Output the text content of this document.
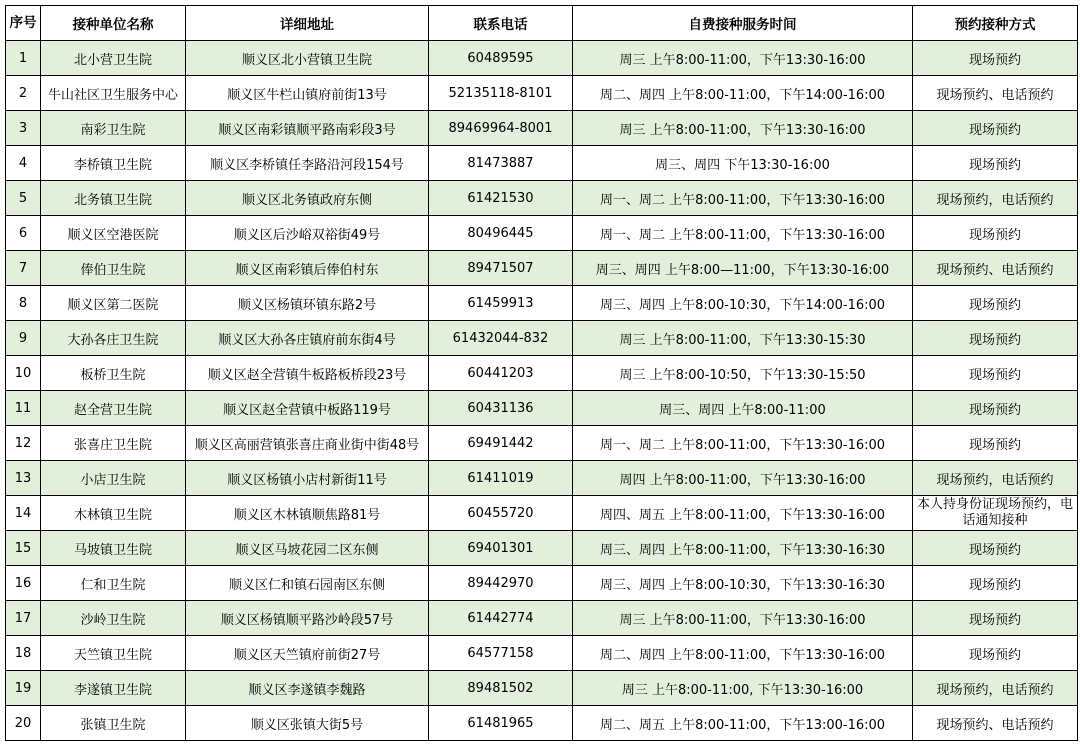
序号	接种单位名称	详细地址	联系电话	自费接种服务时间	预约接种方式
1	北小营卫生院	顺义区北小营镇卫生院	60489595	周三 上午8:00-11:00，下午13:30-16:00	现场预约
2	牛山社区卫生服务中心	顺义区牛栏山镇府前街13号	52135118-8101	周二、周四 上午8:00-11:00，下午14:00-16:00	现场预约、电话预约
3	南彩卫生院	顺义区南彩镇顺平路南彩段3号	89469964-8001	周三 上午8:00-11:00，下午13:30-16:00	现场预约
4	李桥镇卫生院	顺义区李桥镇任李路沿河段154号	81473887	周三、周四 下午13:30-16:00	现场预约
5	北务镇卫生院	顺义区北务镇政府东侧	61421530	周一、周二 上午8:00-11:00，下午13:30-16:00	现场预约，电话预约
6	顺义区空港医院	顺义区后沙峪双裕街49号	80496445	周一、周二 上午8:00-11:00，下午13:30-16:00	现场预约
7	俸伯卫生院	顺义区南彩镇后俸伯村东	89471507	周三、周四 上午8:00—11:00，下午13:30-16:00	现场预约、电话预约
8	顺义区第二医院	顺义区杨镇环镇东路2号	61459913	周三、周四 上午8:00-10:30，下午14:00-16:00	现场预约
9	大孙各庄卫生院	顺义区大孙各庄镇府前东街4号	61432044-832	周三 上午8:00-11:00，下午13:30-15:30	现场预约
10	板桥卫生院	顺义区赵全营镇牛板路板桥段23号	60441203	周三 上午8:00-10:50，下午13:30-15:50	现场预约
11	赵全营卫生院	顺义区赵全营镇中板路119号	60431136	周三、周四 上午8:00-11:00	现场预约
12	张喜庄卫生院	顺义区高丽营镇张喜庄商业街中街48号	69491442	周一、周二 上午8:00-11:00，下午13:30-16:00	现场预约
13	小店卫生院	顺义区杨镇小店村新街11号	61411019	周四 上午8:00-11:00，下午13:30-16:00	现场预约，电话预约
14	木林镇卫生院	顺义区木林镇顺焦路81号	60455720	周四、周五 上午8:00-11:00，下午13:30-16:00	本人持身份证现场预约，电话通知接种
15	马坡镇卫生院	顺义区马坡花园二区东侧	69401301	周三、周四 上午8:00-11:00，下午13:30-16:30	现场预约
16	仁和卫生院	顺义区仁和镇石园南区东侧	89442970	周三、周四 上午8:00-10:30，下午13:30-16:30	现场预约
17	沙岭卫生院	顺义区杨镇顺平路沙岭段57号	61442774	周三 上午8:00-11:00，下午13:30-16:00	现场预约
18	天竺镇卫生院	顺义区天竺镇府前街27号	64577158	周二、周四 上午8:00-11:00，下午13:30-16:00	现场预约
19	李遂镇卫生院	顺义区李遂镇李魏路	89481502	周三 上午8:00-11:00, 下午13:30-16:00	现场预约，电话预约
20	张镇卫生院	顺义区张镇大街5号	61481965	周二、周五 上午8:00-11:00，下午13:00-16:00	现场预约、电话预约
